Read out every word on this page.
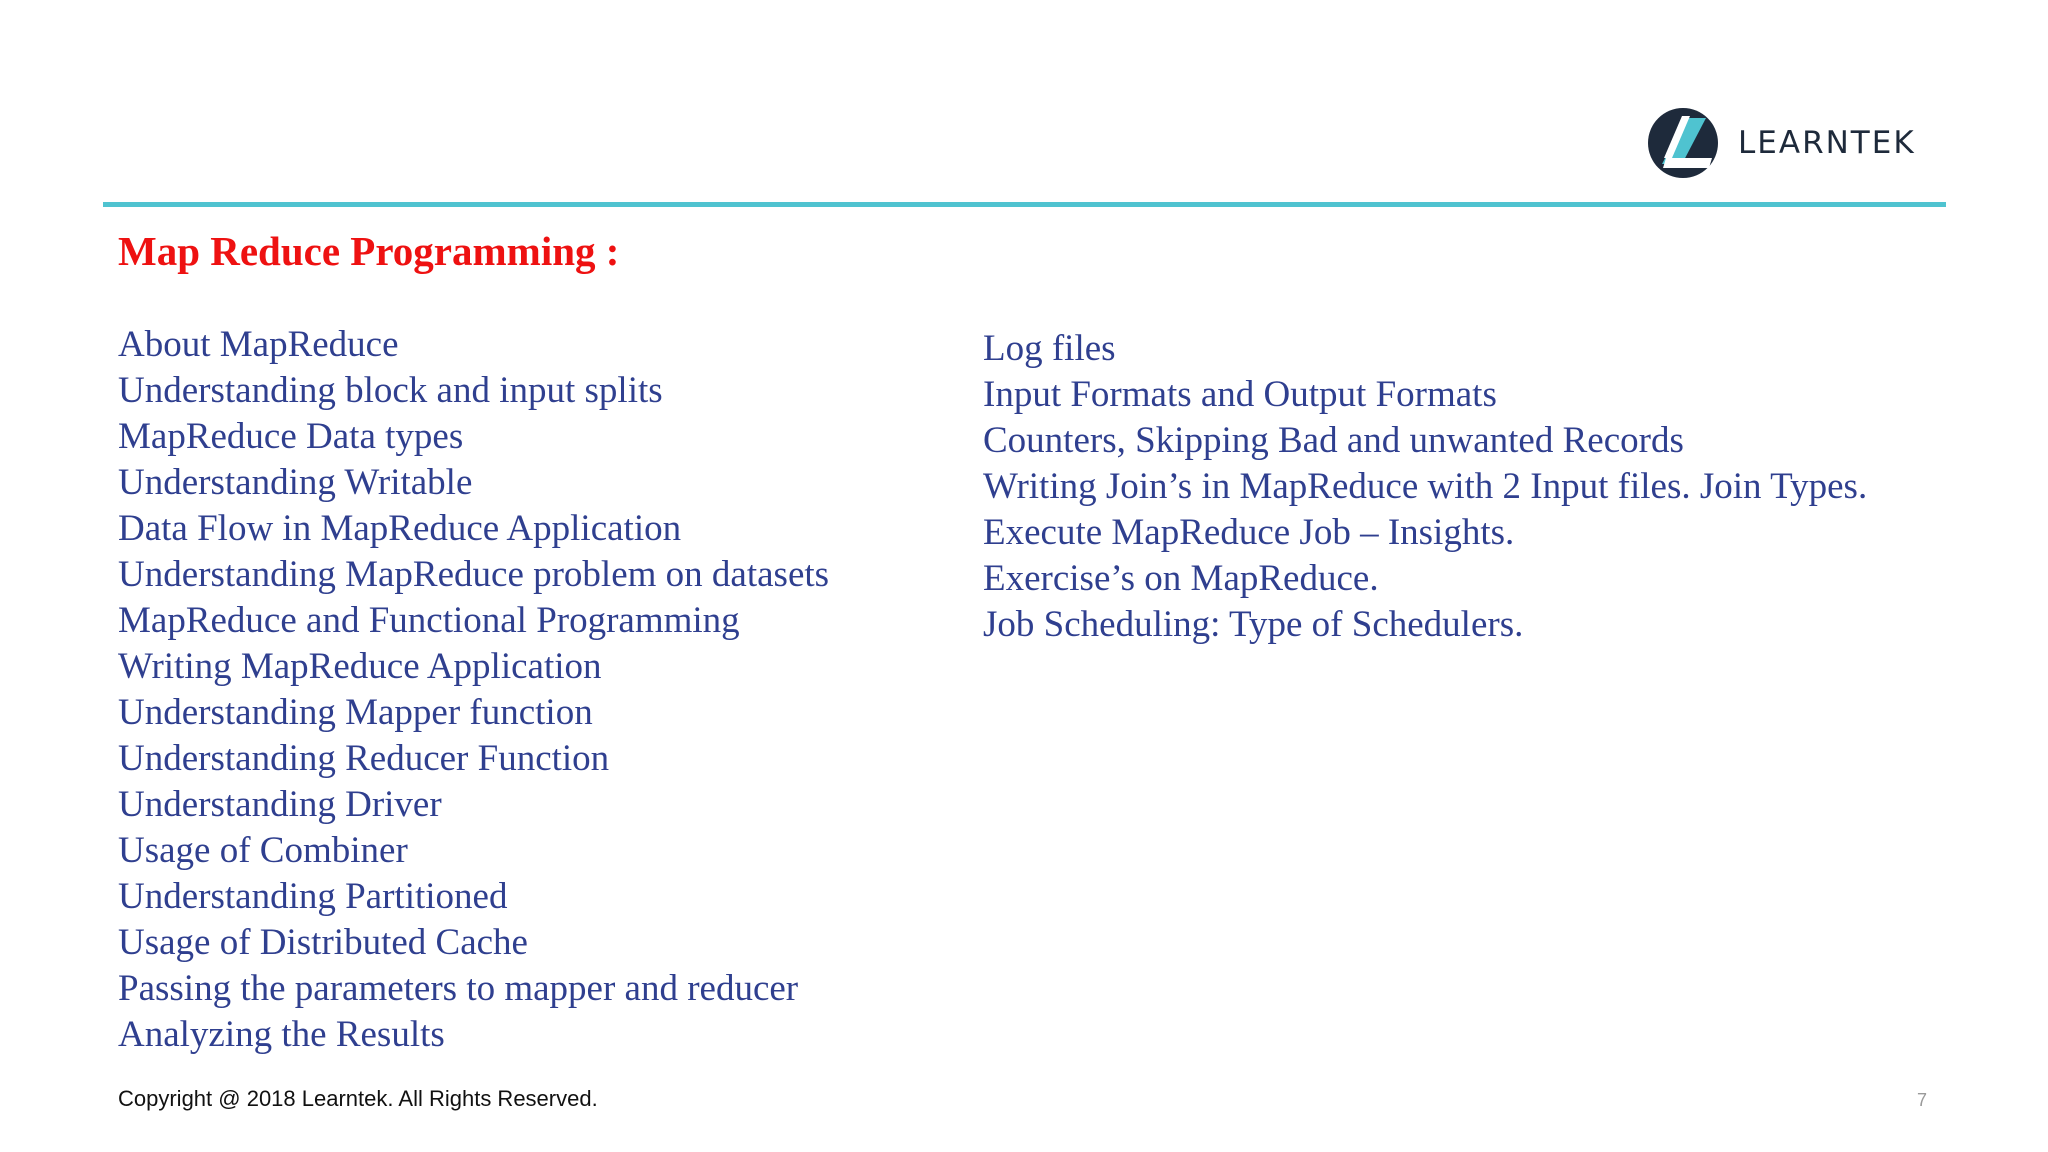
LEARNTEK
Map Reduce Programming :
About MapReduce
Understanding block and input splits
MapReduce Data types
Understanding Writable
Data Flow in MapReduce Application
Understanding MapReduce problem on datasets
MapReduce and Functional Programming
Writing MapReduce Application
Understanding Mapper function
Understanding Reducer Function
Understanding Driver
Usage of Combiner
Understanding Partitioned
Usage of Distributed Cache
Passing the parameters to mapper and reducer
Analyzing the Results
Log files
Input Formats and Output Formats
Counters, Skipping Bad and unwanted Records
Writing Join’s in MapReduce with 2 Input files. Join Types.
Execute MapReduce Job – Insights.
Exercise’s on MapReduce.
Job Scheduling: Type of Schedulers.
Copyright @ 2018 Learntek. All Rights Reserved.	7
